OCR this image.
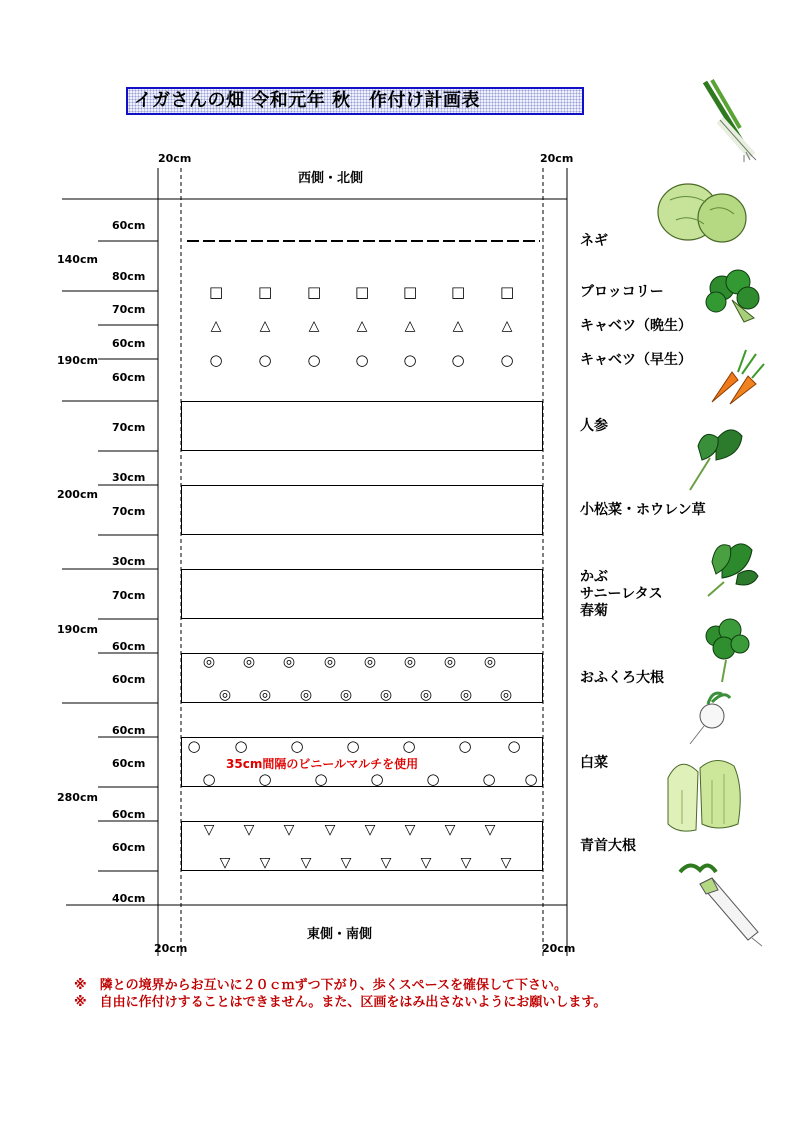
イガさんの畑 令和元年 秋　作付け計画表
20cm	20cm
20cm	20cm
西側・北側
東側・南側
140cm
190cm
200cm
190cm
280cm
60cm
80cm
70cm
60cm
60cm
70cm
30cm
70cm
30cm
70cm
60cm
60cm
60cm
60cm
60cm
60cm
40cm
□ □ □ □ □ □ □
△	△	△	△	△	△	△
○ ○ ○ ○ ○ ○ ○
◎ ◎ ◎ ◎ ◎ ◎ ◎ ◎
◎ ◎ ◎ ◎ ◎ ◎ ◎ ◎
○ ○	○	○	○	○ ○
○	○	○	○	○	○ ○
▽ ▽ ▽ ▽ ▽ ▽ ▽ ▽
▽ ▽ ▽ ▽ ▽ ▽ ▽ ▽
35cm間隔のビニールマルチを使用
ネギ
ブロッコリー
キャベツ（晩生）
キャベツ（早生）
人参
小松菜・ホウレン草
かぶ
サニーレタス
春菊
おふくろ大根
白菜
青首大根
※　隣との境界からお互いに２０ｃｍずつ下がり、歩くスペースを確保して下さい。
※　自由に作付けすることはできません。また、区画をはみ出さないようにお願いします。
